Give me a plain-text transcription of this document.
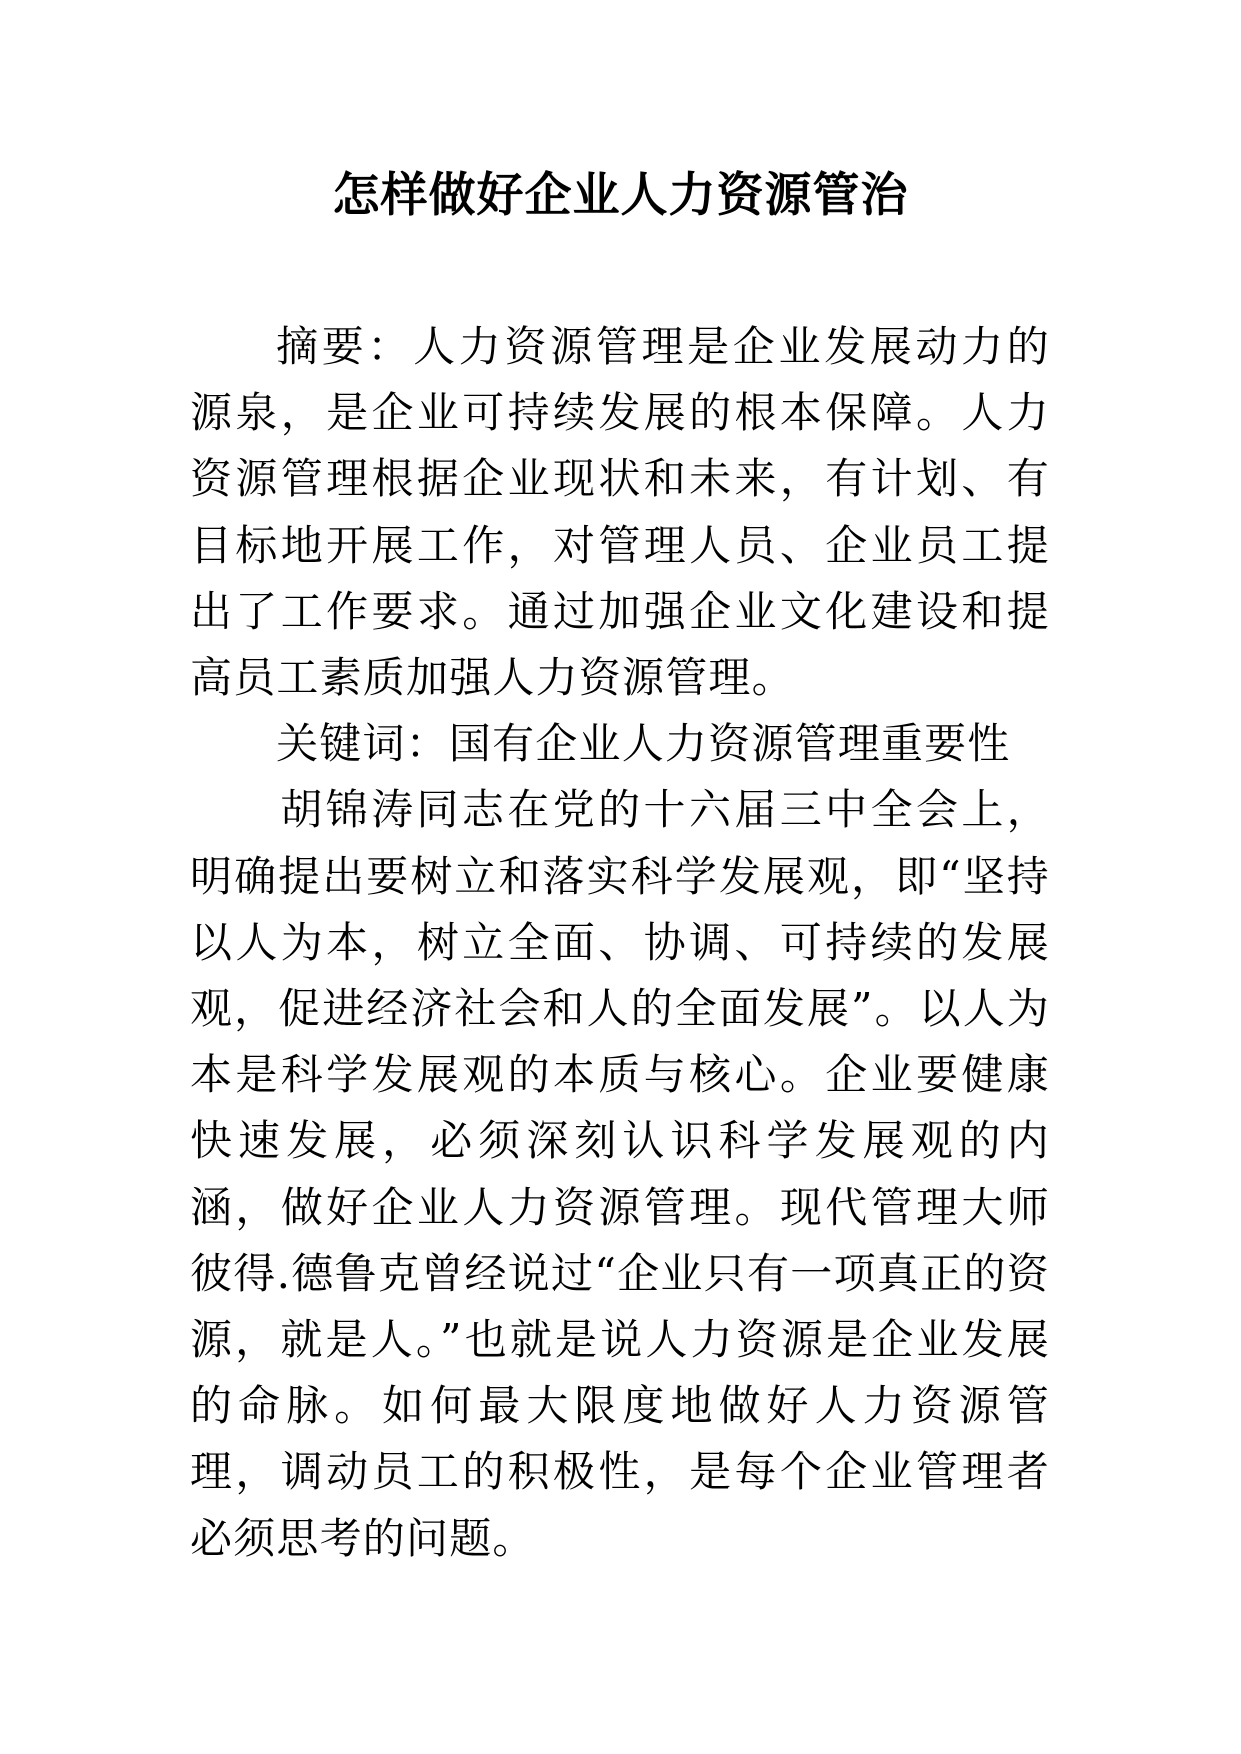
怎样做好企业人力资源管治

摘要：人力资源管理是企业发展动力的源泉，是企业可持续发展的根本保障。人力资源管理根据企业现状和未来，有计划、有目标地开展工作，对管理人员、企业员工提出了工作要求。通过加强企业文化建设和提高员工素质加强人力资源管理。

关键词：国有企业人力资源管理重要性

胡锦涛同志在党的十六届三中全会上，明确提出要树立和落实科学发展观，即“坚持以人为本，树立全面、协调、可持续的发展观，促进经济社会和人的全面发展”。以人为本是科学发展观的本质与核心。企业要健康快速发展，必须深刻认识科学发展观的内涵，做好企业人力资源管理。现代管理大师彼得.德鲁克曾经说过“企业只有一项真正的资源，就是人。”也就是说人力资源是企业发展的命脉。如何最大限度地做好人力资源管理，调动员工的积极性，是每个企业管理者必须思考的问题。
